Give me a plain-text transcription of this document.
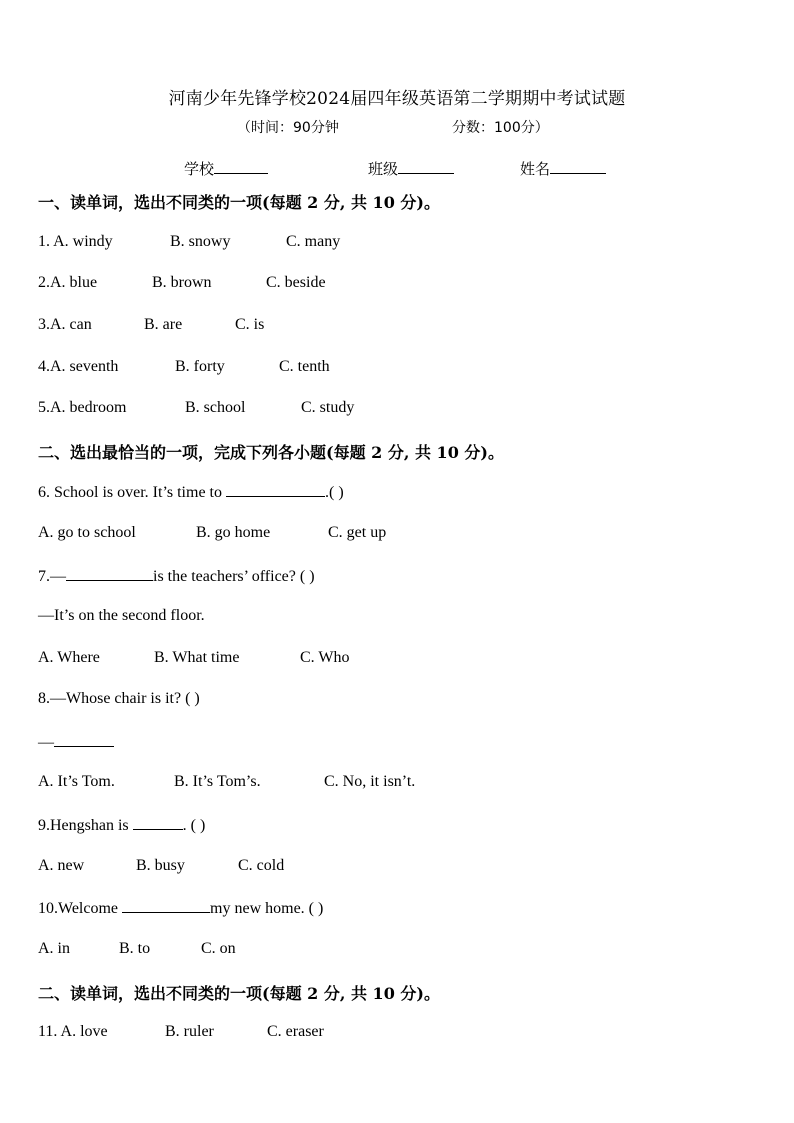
河南少年先锋学校2024届四年级英语第二学期期中考试试题
（时间：90分钟	分数：100分）
学校	班级	姓名
一、读单词，选出不同类的一项(每题 2 分, 共 10 分)。
1. A. windy	B. snowy	C. many
2.A. blue	B. brown	C. beside
3.A. can	B. are	C. is
4.A. seventh	B. forty	C. tenth
5.A. bedroom	B. school	C. study
二、选出最恰当的一项，完成下列各小题(每题 2 分, 共 10 分)。
6. School is over. It’s time to	.( )
A. go to school	B. go home	C. get up
7.—	is the teachers’ office? ( )
—It’s on the second floor.
A. Where	B. What time	C. Who
8.—Whose chair is it? ( )
—
A. It’s Tom.	B. It’s Tom’s.	C. No, it isn’t.
9.Hengshan is	. ( )
A. new	B. busy	C. cold
10.Welcome	my new home. ( )
A. in	B. to	C. on
二、读单词，选出不同类的一项(每题 2 分, 共 10 分)。
11. A. love	B. ruler	C. eraser
